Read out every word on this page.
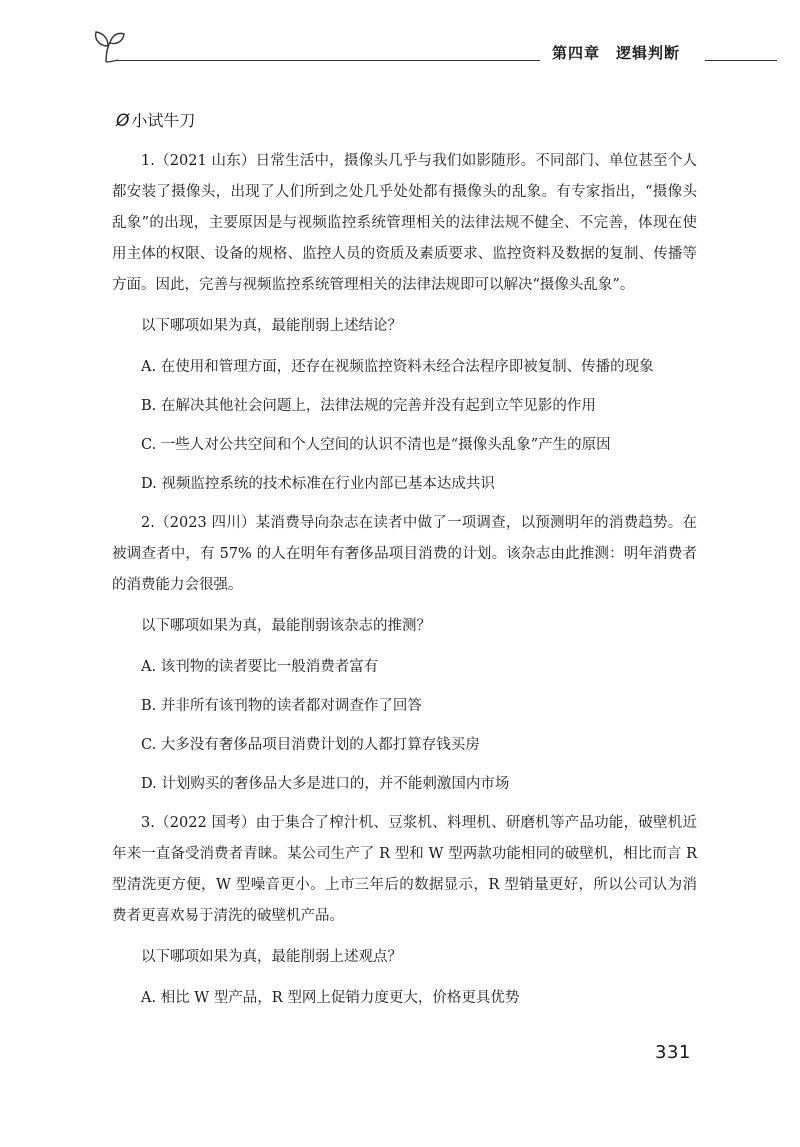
第四章 逻辑判断
Ø 小试牛刀

1.（2021 山东）日常生活中，摄像头几乎与我们如影随形。不同部门、单位甚至个人都安装了摄像头，出现了人们所到之处几乎处处都有摄像头的乱象。有专家指出，“摄像头乱象”的出现，主要原因是与视频监控系统管理相关的法律法规不健全、不完善，体现在使用主体的权限、设备的规格、监控人员的资质及素质要求、监控资料及数据的复制、传播等方面。因此，完善与视频监控系统管理相关的法律法规即可以解决“摄像头乱象”。

以下哪项如果为真，最能削弱上述结论？

A. 在使用和管理方面，还存在视频监控资料未经合法程序即被复制、传播的现象

B. 在解决其他社会问题上，法律法规的完善并没有起到立竿见影的作用

C. 一些人对公共空间和个人空间的认识不清也是“摄像头乱象”产生的原因

D. 视频监控系统的技术标准在行业内部已基本达成共识

2.（2023 四川）某消费导向杂志在读者中做了一项调查，以预测明年的消费趋势。在被调查者中，有 57% 的人在明年有奢侈品项目消费的计划。该杂志由此推测：明年消费者的消费能力会很强。

以下哪项如果为真，最能削弱该杂志的推测？

A. 该刊物的读者要比一般消费者富有

B. 并非所有该刊物的读者都对调查作了回答

C. 大多没有奢侈品项目消费计划的人都打算存钱买房

D. 计划购买的奢侈品大多是进口的，并不能刺激国内市场

3.（2022 国考）由于集合了榨汁机、豆浆机、料理机、研磨机等产品功能，破壁机近年来一直备受消费者青睐。某公司生产了 R 型和 W 型两款功能相同的破壁机，相比而言 R 型清洗更方便，W 型噪音更小。上市三年后的数据显示，R 型销量更好，所以公司认为消费者更喜欢易于清洗的破壁机产品。

以下哪项如果为真，最能削弱上述观点？

A. 相比 W 型产品，R 型网上促销力度更大，价格更具优势

331
